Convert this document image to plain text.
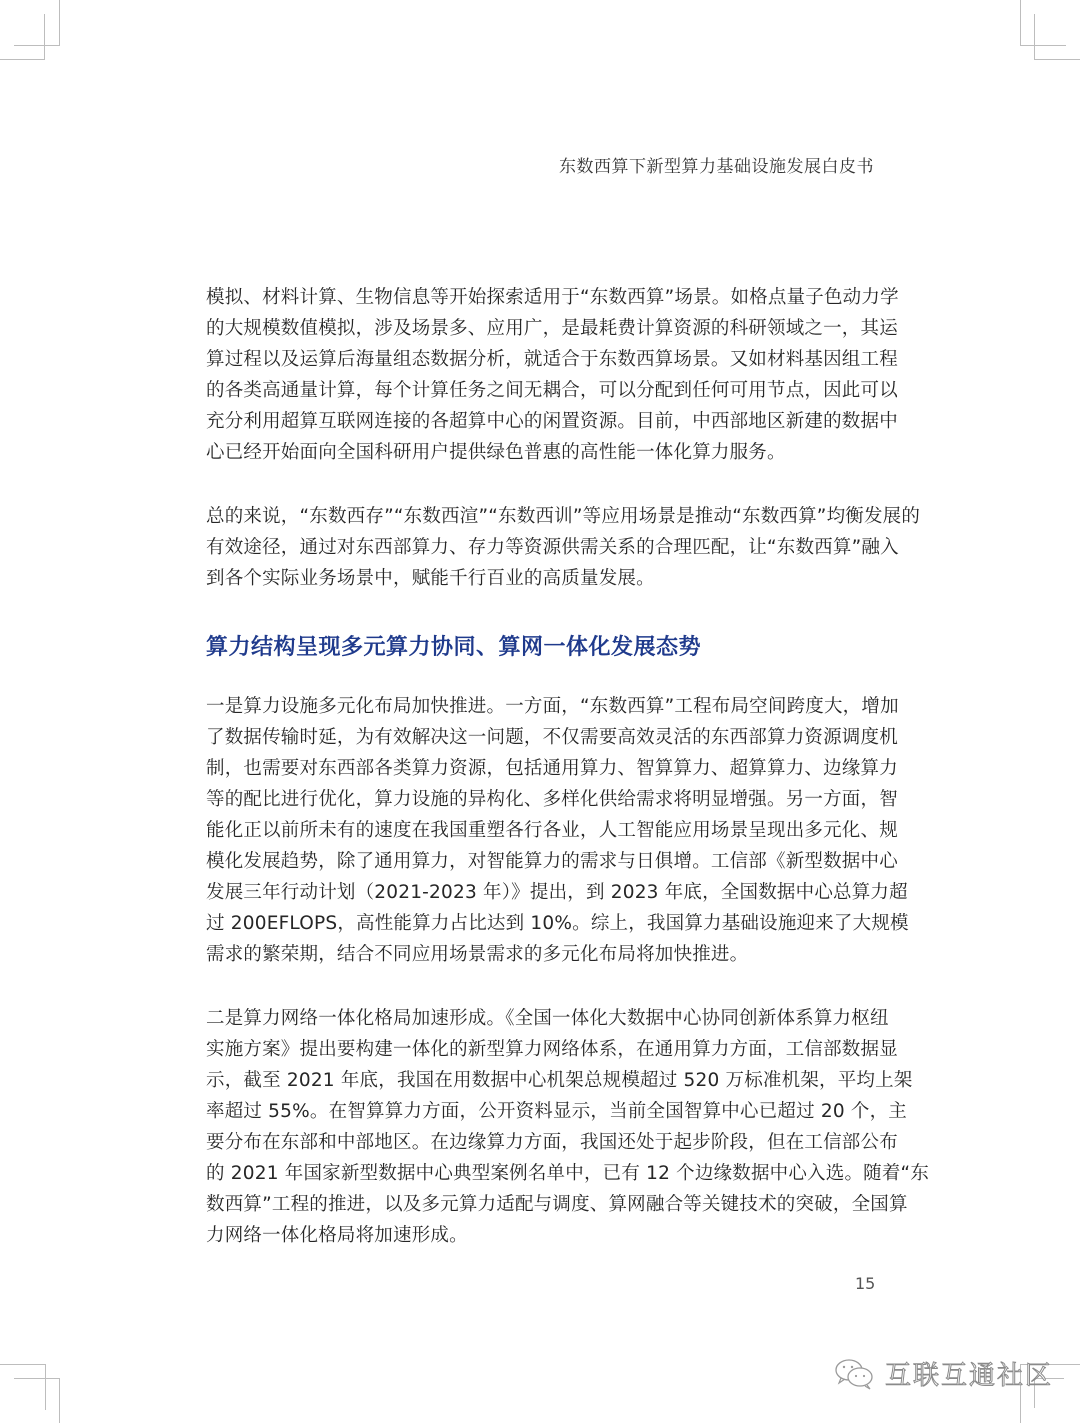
东数西算下新型算力基础设施发展白皮书

模拟、材料计算、生物信息等开始探索适用于“东数西算”场景。如格点量子色动力学
的大规模数值模拟，涉及场景多、应用广，是最耗费计算资源的科研领域之一，其运
算过程以及运算后海量组态数据分析，就适合于东数西算场景。又如材料基因组工程
的各类高通量计算，每个计算任务之间无耦合，可以分配到任何可用节点，因此可以
充分利用超算互联网连接的各超算中心的闲置资源。目前，中西部地区新建的数据中
心已经开始面向全国科研用户提供绿色普惠的高性能一体化算力服务。

总的来说，“东数西存”“东数西渲”“东数西训”等应用场景是推动“东数西算”均衡发展的
有效途径，通过对东西部算力、存力等资源供需关系的合理匹配，让“东数西算”融入
到各个实际业务场景中，赋能千行百业的高质量发展。

算力结构呈现多元算力协同、算网一体化发展态势

一是算力设施多元化布局加快推进。一方面，“东数西算”工程布局空间跨度大，增加
了数据传输时延，为有效解决这一问题，不仅需要高效灵活的东西部算力资源调度机
制，也需要对东西部各类算力资源，包括通用算力、智算算力、超算算力、边缘算力
等的配比进行优化，算力设施的异构化、多样化供给需求将明显增强。另一方面，智
能化正以前所未有的速度在我国重塑各行各业，人工智能应用场景呈现出多元化、规
模化发展趋势，除了通用算力，对智能算力的需求与日俱增。工信部《新型数据中心
发展三年行动计划（2021-2023 年）》提出，到 2023 年底，全国数据中心总算力超
过 200EFLOPS，高性能算力占比达到 10%。综上，我国算力基础设施迎来了大规模
需求的繁荣期，结合不同应用场景需求的多元化布局将加快推进。

二是算力网络一体化格局加速形成。《全国一体化大数据中心协同创新体系算力枢纽
实施方案》提出要构建一体化的新型算力网络体系，在通用算力方面，工信部数据显
示，截至 2021 年底，我国在用数据中心机架总规模超过 520 万标准机架，平均上架
率超过 55%。在智算算力方面，公开资料显示，当前全国智算中心已超过 20 个，主
要分布在东部和中部地区。在边缘算力方面，我国还处于起步阶段，但在工信部公布
的 2021 年国家新型数据中心典型案例名单中，已有 12 个边缘数据中心入选。随着“东
数西算”工程的推进，以及多元算力适配与调度、算网融合等关键技术的突破，全国算
力网络一体化格局将加速形成。

15
互联互通社区
